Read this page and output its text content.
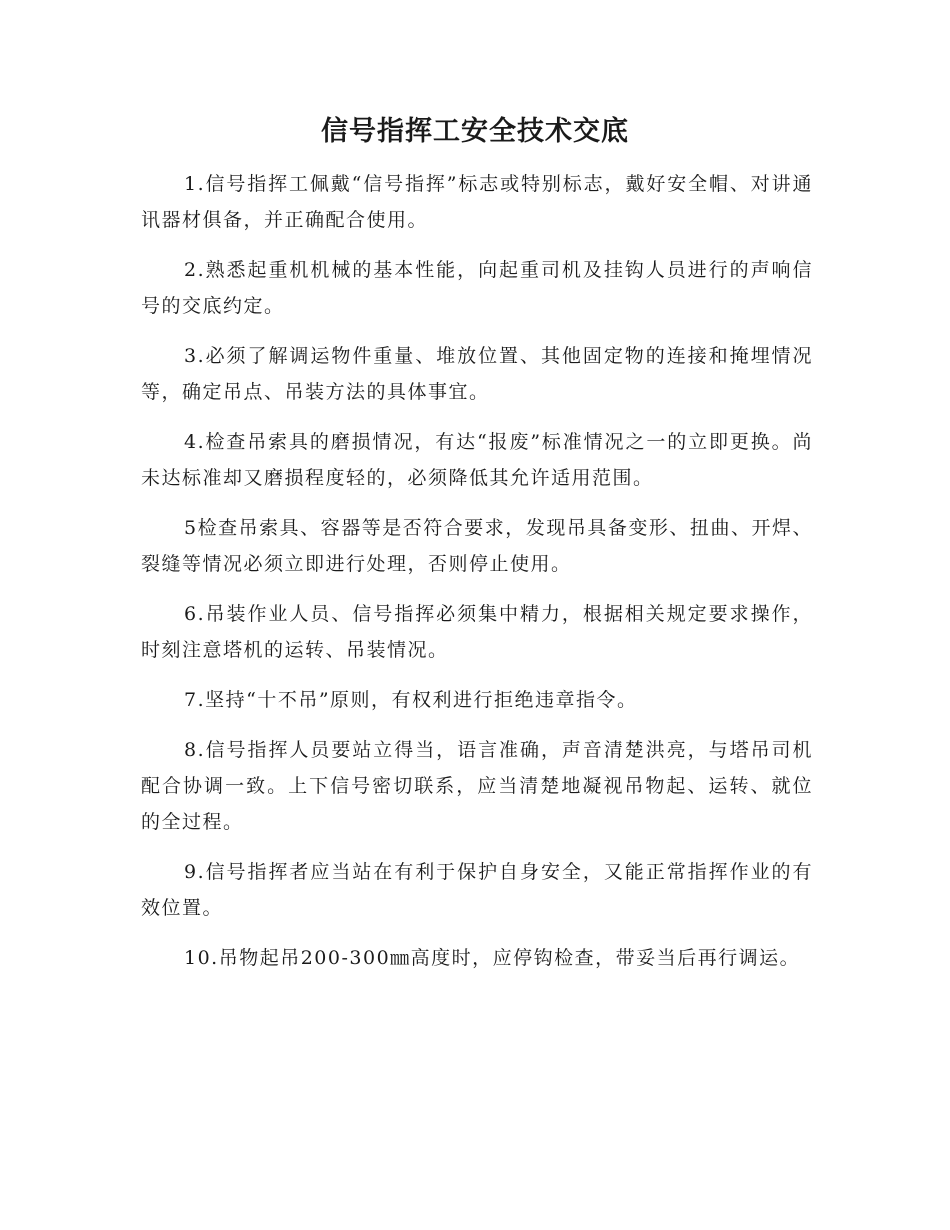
信号指挥工安全技术交底

1.信号指挥工佩戴“信号指挥”标志或特别标志，戴好安全帽、对讲通讯器材俱备，并正确配合使用。

2.熟悉起重机机械的基本性能，向起重司机及挂钩人员进行的声响信号的交底约定。

3.必须了解调运物件重量、堆放位置、其他固定物的连接和掩埋情况等，确定吊点、吊装方法的具体事宜。

4.检查吊索具的磨损情况，有达“报废”标准情况之一的立即更换。尚未达标准却又磨损程度轻的，必须降低其允许适用范围。

5检查吊索具、容器等是否符合要求，发现吊具备变形、扭曲、开焊、裂缝等情况必须立即进行处理，否则停止使用。

6.吊装作业人员、信号指挥必须集中精力，根据相关规定要求操作，时刻注意塔机的运转、吊装情况。

7.坚持“十不吊”原则，有权利进行拒绝违章指令。

8.信号指挥人员要站立得当，语言准确，声音清楚洪亮，与塔吊司机配合协调一致。上下信号密切联系，应当清楚地凝视吊物起、运转、就位的全过程。

9.信号指挥者应当站在有利于保护自身安全，又能正常指挥作业的有效位置。

10.吊物起吊200-300㎜高度时，应停钩检查，带妥当后再行调运。
